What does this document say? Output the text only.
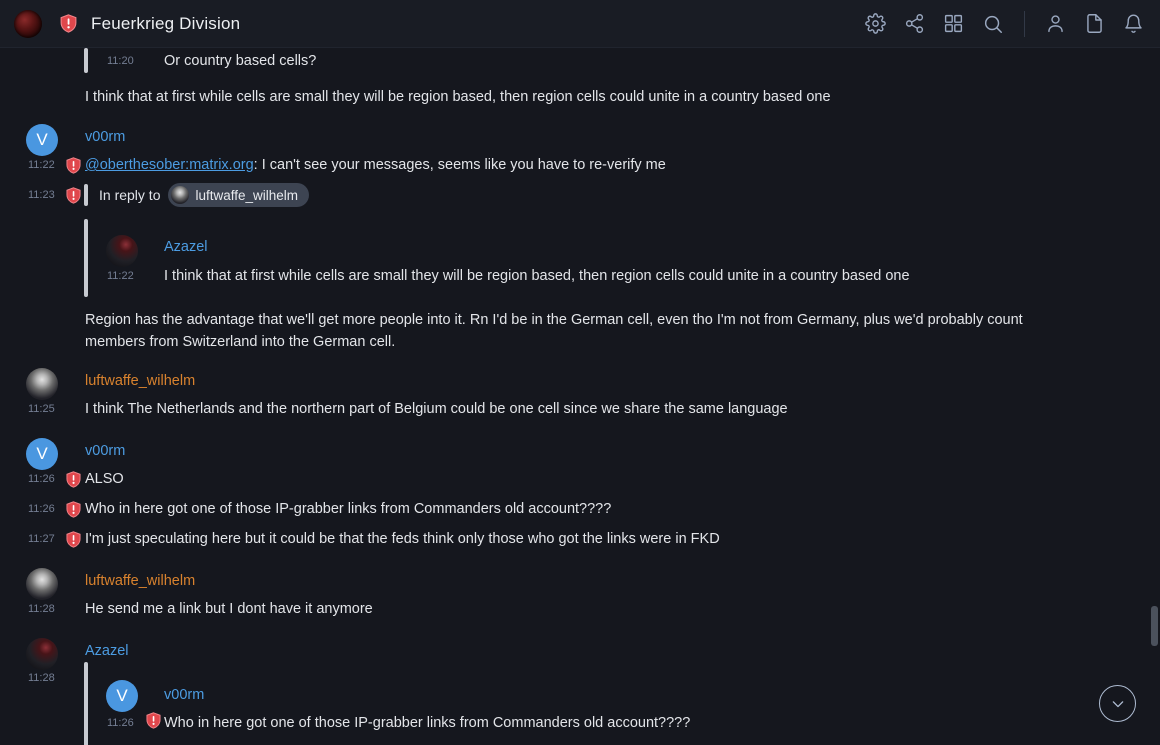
Feuerkrieg Division
11:20 Or country based cells?
I think that at first while cells are small they will be region based, then region cells could unite in a country based one
V	v00rm
11:22 @oberthesober:matrix.org: I can't see your messages, seems like you have to re-verify me
11:23	In reply to	luftwaffe_wilhelm
Azazel
11:22 I think that at first while cells are small they will be region based, then region cells could unite in a country based one
Region has the advantage that we'll get more people into it. Rn I'd be in the German cell, even tho I'm not from Germany, plus we'd probably count members from Switzerland into the German cell.
luftwaffe_wilhelm
11:25 I think The Netherlands and the northern part of Belgium could be one cell since we share the same language
V	v00rm
11:26 ALSO
11:26 Who in here got one of those IP-grabber links from Commanders old account????
11:27 I'm just speculating here but it could be that the feds think only those who got the links were in FKD
luftwaffe_wilhelm
11:28 He send me a link but I dont have it anymore
Azazel
11:28
V	v00rm
11:26 Who in here got one of those IP-grabber links from Commanders old account????
